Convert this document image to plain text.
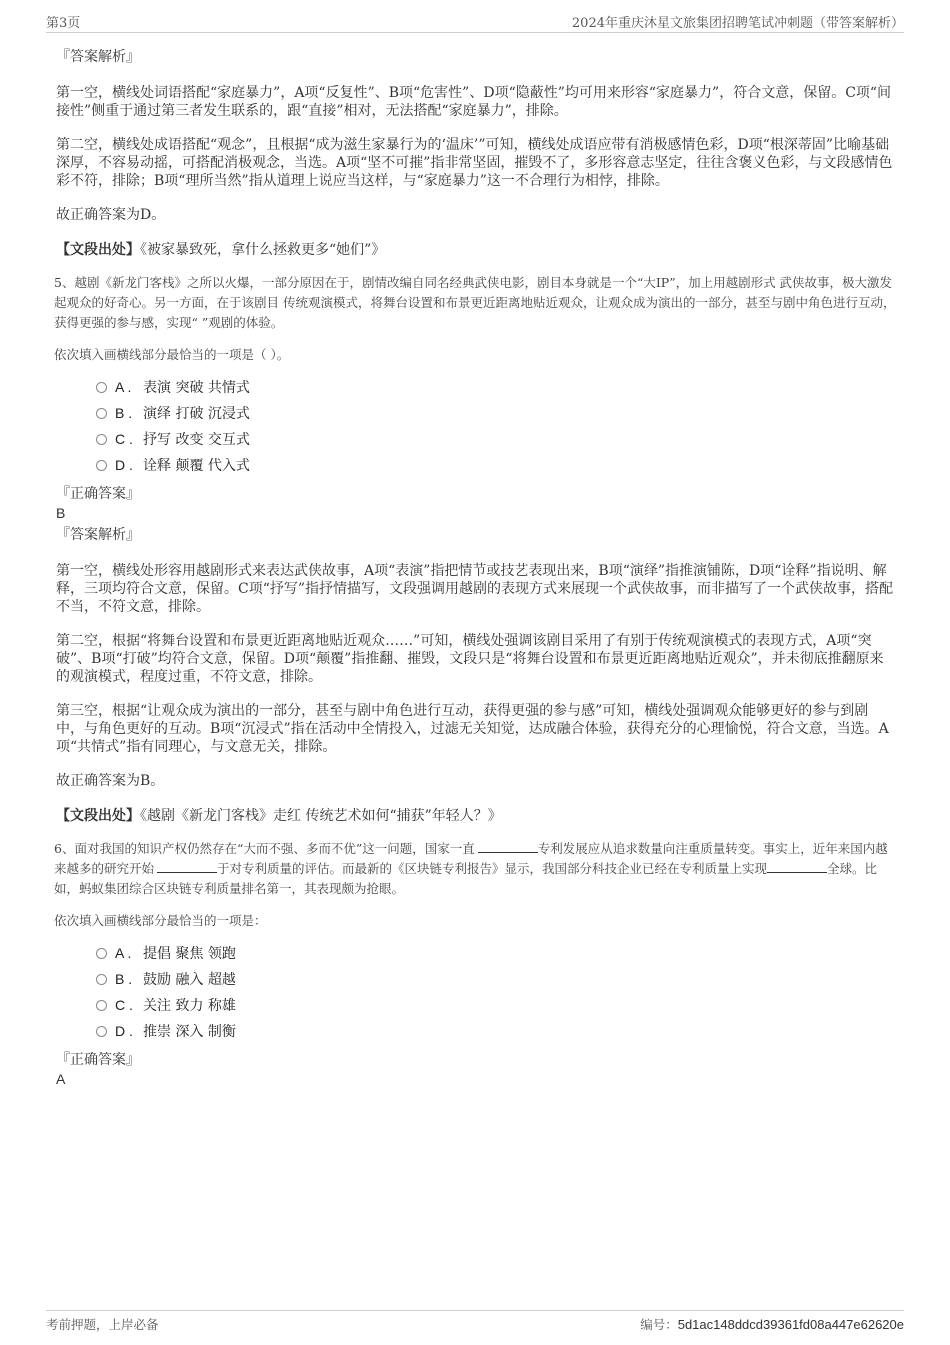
第3页	2024年重庆沐星文旅集团招聘笔试冲刺题（带答案解析）
『答案解析』

第一空，横线处词语搭配“家庭暴力”，A项“反复性”、B项“危害性”、D项“隐蔽性”均可用来形容“家庭暴力”，符合文意，保留。C项“间接性”侧重于通过第三者发生联系的，跟“直接”相对，无法搭配“家庭暴力”，排除。

第二空，横线处成语搭配“观念”，且根据“成为滋生家暴行为的‘温床’”可知，横线处成语应带有消极感情色彩，D项“根深蒂固”比喻基础深厚，不容易动摇，可搭配消极观念，当选。A项“坚不可摧”指非常坚固，摧毁不了，多形容意志坚定，往往含褒义色彩，与文段感情色彩不符，排除；B项“理所当然”指从道理上说应当这样，与“家庭暴力”这一不合理行为相悖，排除。

故正确答案为D。

【文段出处】《被家暴致死，拿什么拯救更多“她们”》

5、越剧《新龙门客栈》之所以火爆，一部分原因在于，剧情改编自同名经典武侠电影，剧目本身就是一个“大IP”，加上用越剧形式 武侠故事，极大激发起观众的好奇心。另一方面，在于该剧目 传统观演模式，将舞台设置和布景更近距离地贴近观众，让观众成为演出的一部分，甚至与剧中角色进行互动，获得更强的参与感，实现“ ”观剧的体验。

依次填入画横线部分最恰当的一项是（ ）。
A . 表演 突破 共情式
B . 演绎 打破 沉浸式
C . 抒写 改变 交互式
D . 诠释 颠覆 代入式
『正确答案』

B

『答案解析』

第一空，横线处形容用越剧形式来表达武侠故事，A项“表演”指把情节或技艺表现出来，B项“演绎”指推演铺陈，D项“诠释”指说明、解释，三项均符合文意，保留。C项“抒写”指抒情描写，文段强调用越剧的表现方式来展现一个武侠故事，而非描写了一个武侠故事，搭配不当，不符文意，排除。

第二空，根据“将舞台设置和布景更近距离地贴近观众……”可知，横线处强调该剧目采用了有别于传统观演模式的表现方式，A项“突破”、B项“打破”均符合文意，保留。D项“颠覆”指推翻、摧毁，文段只是“将舞台设置和布景更近距离地贴近观众”，并未彻底推翻原来的观演模式，程度过重，不符文意，排除。

第三空，根据“让观众成为演出的一部分，甚至与剧中角色进行互动，获得更强的参与感”可知，横线处强调观众能够更好的参与到剧中，与角色更好的互动。B项“沉浸式”指在活动中全情投入，过滤无关知觉，达成融合体验，获得充分的心理愉悦，符合文意，当选。A项“共情式”指有同理心，与文意无关，排除。

故正确答案为B。

【文段出处】《越剧《新龙门客栈》走红 传统艺术如何“捕获”年轻人？》

6、面对我国的知识产权仍然存在“大而不强、多而不优”这一问题，国家一直	专利发展应从追求数量向注重质量转变。事实上，近年来国内越来越多的研究开始	于对专利质量的评估。而最新的《区块链专利报告》显示，我国部分科技企业已经在专利质量上实现	全球。比如，蚂蚁集团综合区块链专利质量排名第一，其表现颇为抢眼。

依次填入画横线部分最恰当的一项是：
A . 提倡 聚焦 领跑
B . 鼓励 融入 超越
C . 关注 致力 称雄
D . 推崇 深入 制衡
『正确答案』

A

考前押题，上岸必备	编号：5d1ac148ddcd39361fd08a447e62620e
